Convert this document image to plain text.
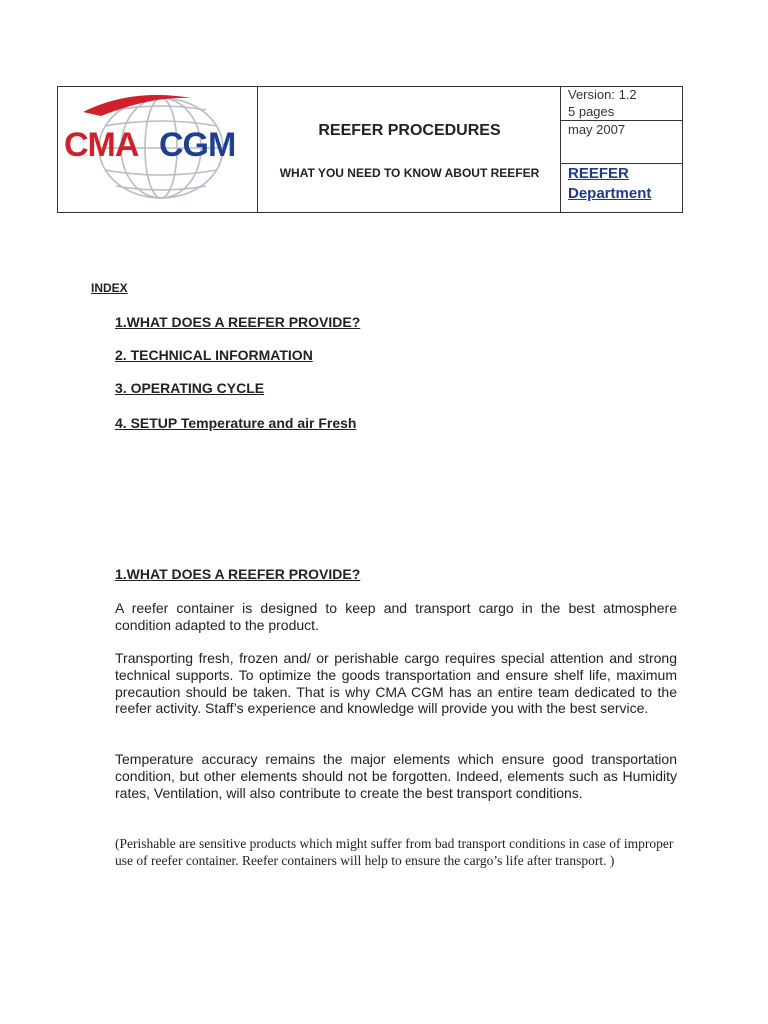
CMA CGM	REEFER PROCEDURES
WHAT YOU NEED TO KNOW ABOUT REEFER
Version: 1.2
5 pages
may 2007
REEFER
Department
INDEX
1.WHAT DOES A REEFER PROVIDE?
2. TECHNICAL INFORMATION
3. OPERATING CYCLE
4. SETUP Temperature and air Fresh
1.WHAT DOES A REEFER PROVIDE?

A reefer container is designed to keep and transport cargo in the best atmosphere condition adapted to the product.

Transporting fresh, frozen and/ or perishable cargo requires special attention and strong technical supports. To optimize the goods transportation and ensure shelf life, maximum precaution should be taken. That is why CMA CGM has an entire team dedicated to the reefer activity. Staff’s experience and knowledge will provide you with the best service.

Temperature accuracy remains the major elements which ensure good transportation condition, but other elements should not be forgotten. Indeed, elements such as Humidity rates, Ventilation, will also contribute to create the best transport conditions.

(Perishable are sensitive products which might suffer from bad transport conditions in case of improper use of reefer container. Reefer containers will help to ensure the cargo’s life after transport. )
